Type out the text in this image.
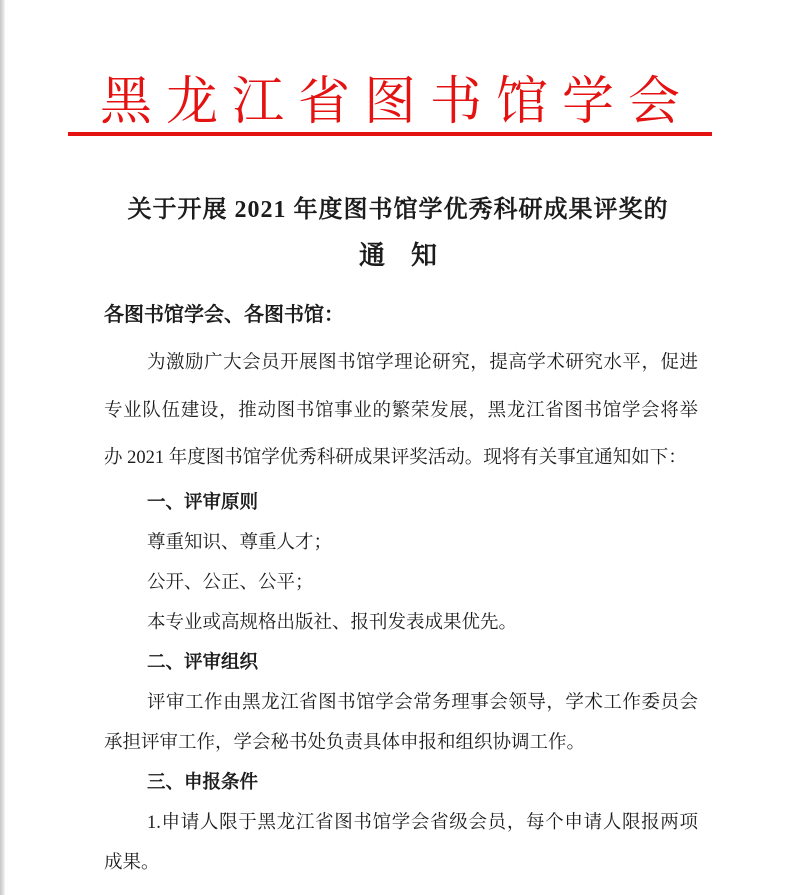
黑龙江省图书馆学会
关于开展 2021 年度图书馆学优秀科研成果评奖的
通　知
各图书馆学会、各图书馆：
为激励广大会员开展图书馆学理论研究，提高学术研究水平，促进
专业队伍建设，推动图书馆事业的繁荣发展，黑龙江省图书馆学会将举
办 2021 年度图书馆学优秀科研成果评奖活动。现将有关事宜通知如下：
一、评审原则
尊重知识、尊重人才；
公开、公正、公平；
本专业或高规格出版社、报刊发表成果优先。
二、评审组织
评审工作由黑龙江省图书馆学会常务理事会领导，学术工作委员会
承担评审工作，学会秘书处负责具体申报和组织协调工作。
三、申报条件
1.申请人限于黑龙江省图书馆学会省级会员，每个申请人限报两项
成果。
